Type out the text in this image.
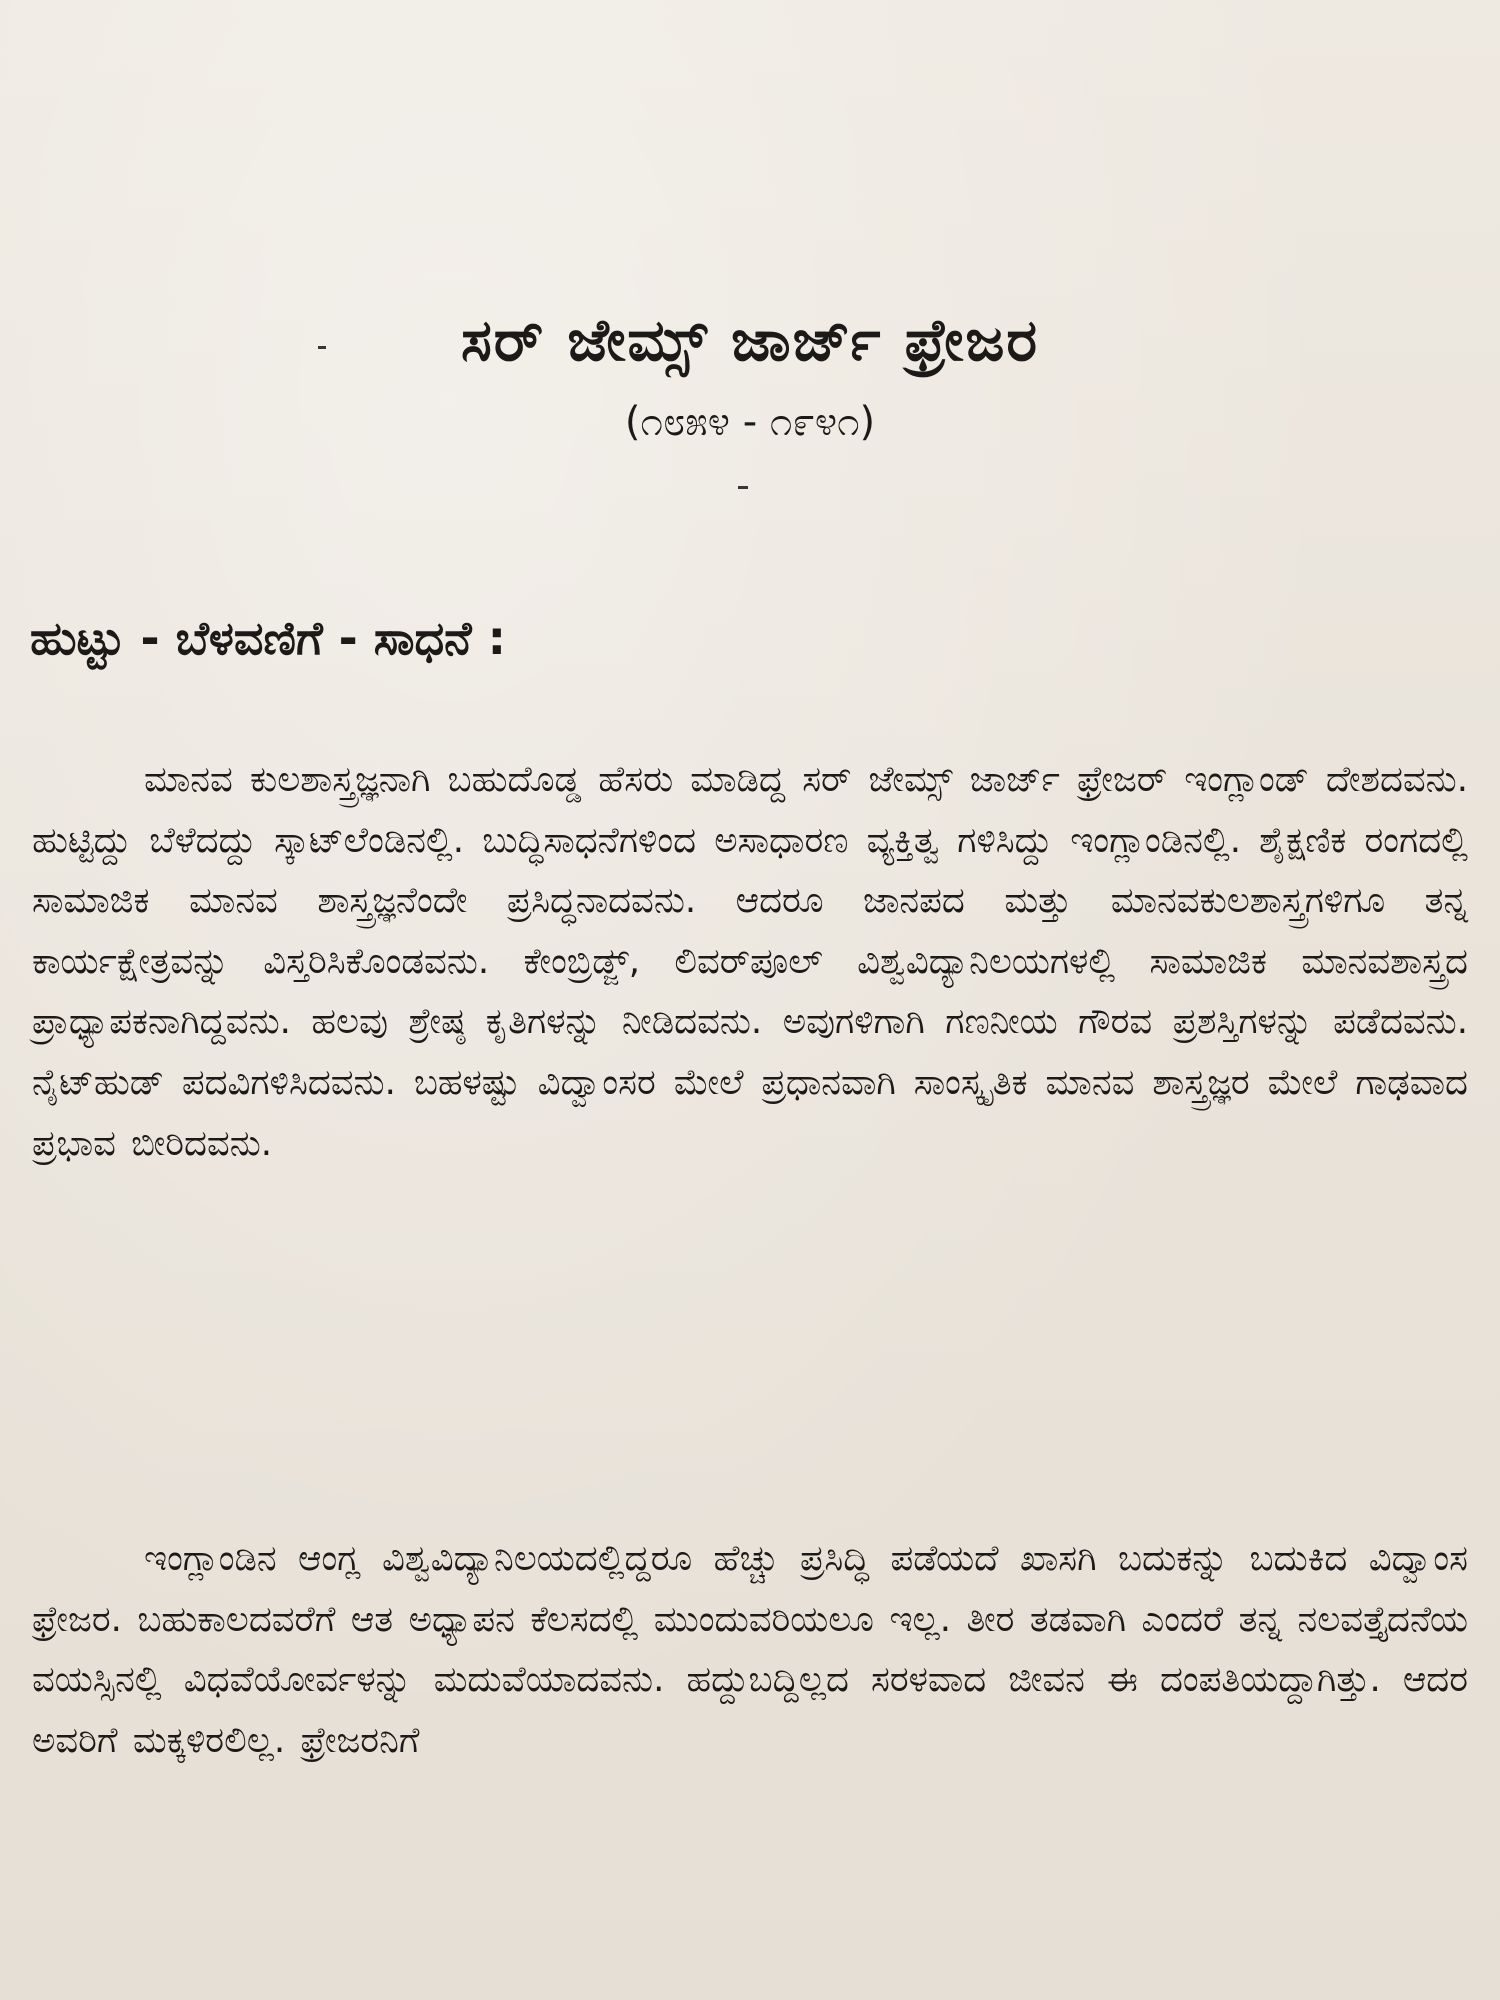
ಸರ್ ಜೇಮ್ಸ್ ಜಾರ್ಜ್ ಫ್ರೇಜರ
(೧೮೫೪ - ೧೯೪೧)
ಹುಟ್ಟು - ಬೆಳವಣಿಗೆ - ಸಾಧನೆ :

ಮಾನವ ಕುಲಶಾಸ್ತ್ರಜ್ಞನಾಗಿ ಬಹುದೊಡ್ಡ ಹೆಸರು ಮಾಡಿದ್ದ ಸರ್ ಜೇಮ್ಸ್ ಜಾರ್ಜ್ ಫ್ರೇಜರ್ ಇಂಗ್ಲಾಂಡ್ ದೇಶದವನು. ಹುಟ್ಟಿದ್ದು ಬೆಳೆದದ್ದು ಸ್ಕಾಟ್‌ಲೆಂಡಿನಲ್ಲಿ. ಬುದ್ಧಿಸಾಧನೆಗಳಿಂದ ಅಸಾಧಾರಣ ವ್ಯಕ್ತಿತ್ವ ಗಳಿಸಿದ್ದು ಇಂಗ್ಲಾಂಡಿನಲ್ಲಿ. ಶೈಕ್ಷಣಿಕ ರಂಗದಲ್ಲಿ ಸಾಮಾಜಿಕ ಮಾನವ ಶಾಸ್ತ್ರಜ್ಞನೆಂದೇ ಪ್ರಸಿದ್ಧನಾದವನು. ಆದರೂ ಜಾನಪದ ಮತ್ತು ಮಾನವಕುಲಶಾಸ್ತ್ರಗಳಿಗೂ ತನ್ನ ಕಾರ್ಯಕ್ಷೇತ್ರವನ್ನು ವಿಸ್ತರಿಸಿಕೊಂಡವನು. ಕೇಂಬ್ರಿಡ್ಜ್, ಲಿವರ್‌ಪೂಲ್ ವಿಶ್ವವಿದ್ಯಾನಿಲಯಗಳಲ್ಲಿ ಸಾಮಾಜಿಕ ಮಾನವಶಾಸ್ತ್ರದ ಪ್ರಾಧ್ಯಾಪಕನಾಗಿದ್ದವನು. ಹಲವು ಶ್ರೇಷ್ಠ ಕೃತಿಗಳನ್ನು ನೀಡಿದವನು. ಅವುಗಳಿಗಾಗಿ ಗಣನೀಯ ಗೌರವ ಪ್ರಶಸ್ತಿಗಳನ್ನು ಪಡೆದವನು. ನೈಟ್‌ಹುಡ್ ಪದವಿಗಳಿಸಿದವನು. ಬಹಳಷ್ಟು ವಿದ್ವಾಂಸರ ಮೇಲೆ ಪ್ರಧಾನವಾಗಿ ಸಾಂಸ್ಕೃತಿಕ ಮಾನವ ಶಾಸ್ತ್ರಜ್ಞರ ಮೇಲೆ ಗಾಢವಾದ ಪ್ರಭಾವ ಬೀರಿದವನು.

ಇಂಗ್ಲಾಂಡಿನ ಆಂಗ್ಲ ವಿಶ್ವವಿದ್ಯಾನಿಲಯದಲ್ಲಿದ್ದರೂ ಹೆಚ್ಚು ಪ್ರಸಿದ್ಧಿ ಪಡೆಯದೆ ಖಾಸಗಿ ಬದುಕನ್ನು ಬದುಕಿದ ವಿದ್ವಾಂಸ ಫ್ರೇಜರ. ಬಹುಕಾಲದವರೆಗೆ ಆತ ಅಧ್ಯಾಪನ ಕೆಲಸದಲ್ಲಿ ಮುಂದುವರಿಯಲೂ ಇಲ್ಲ. ತೀರ ತಡವಾಗಿ ಎಂದರೆ ತನ್ನ ನಲವತ್ತೈದನೆಯ ವಯಸ್ಸಿನಲ್ಲಿ ವಿಧವೆಯೋರ್ವಳನ್ನು ಮದುವೆಯಾದವನು. ಹದ್ದುಬದ್ದಿಲ್ಲದ ಸರಳವಾದ ಜೀವನ ಈ ದಂಪತಿಯದ್ದಾಗಿತ್ತು. ಆದರ ಅವರಿಗೆ ಮಕ್ಕಳಿರಲಿಲ್ಲ. ಫ್ರೇಜರನಿಗೆ
